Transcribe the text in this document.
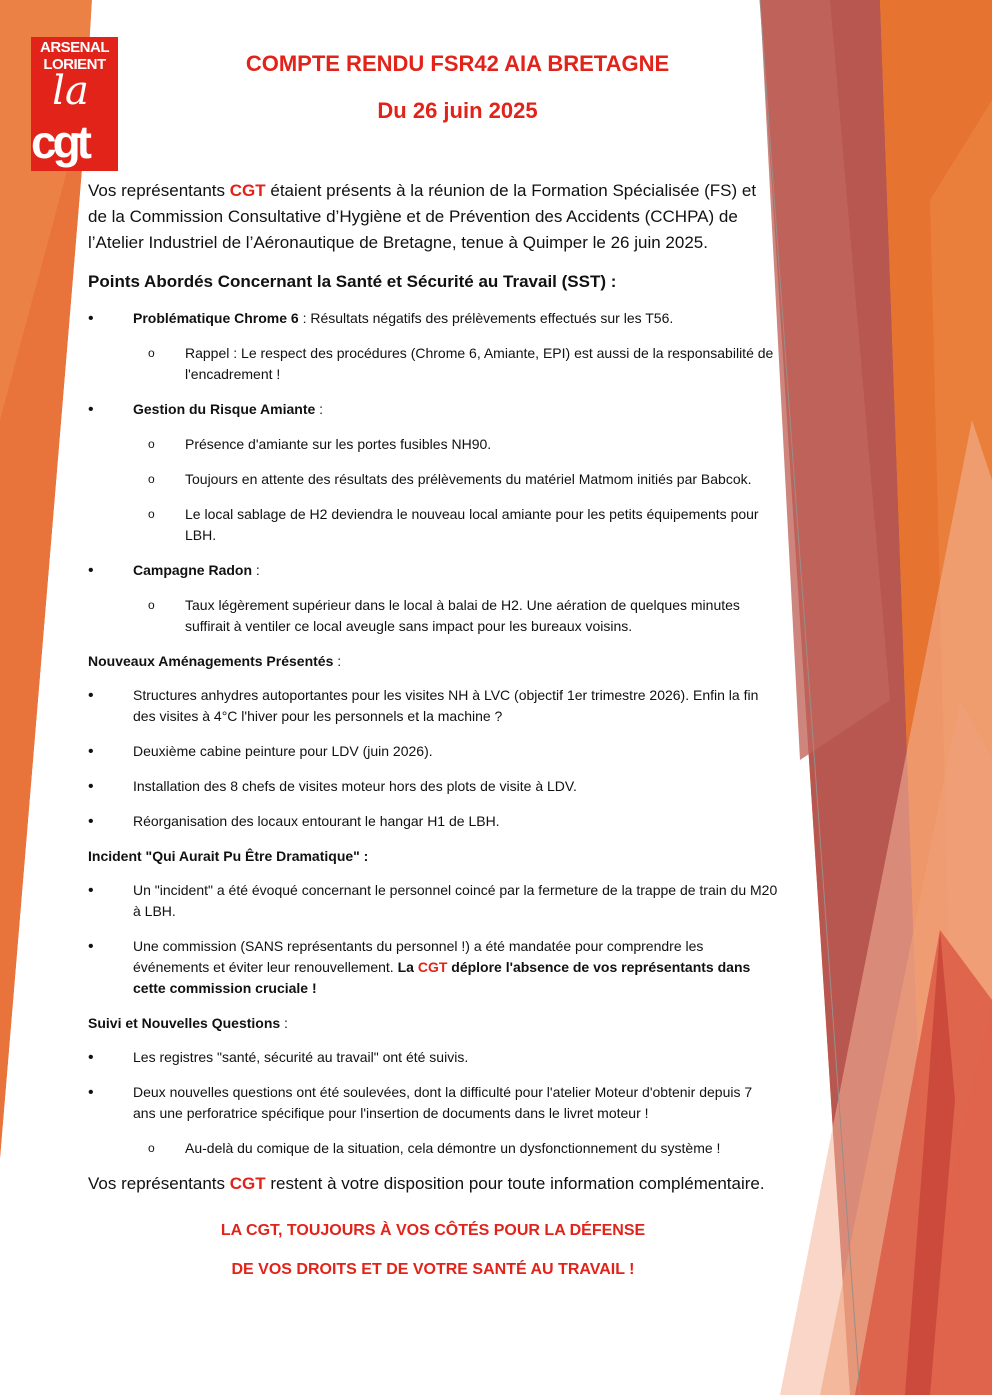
ARSENAL
LORIENT
la
cgt
COMPTE RENDU FSR42 AIA BRETAGNE
Du 26 juin 2025

Vos représentants CGT étaient présents à la réunion de la Formation Spécialisée (FS) et de la Commission Consultative d’Hygiène et de Prévention des Accidents (CCHPA) de l’Atelier Industriel de l’Aéronautique de Bretagne, tenue à Quimper le 26 juin 2025.

Points Abordés Concernant la Santé et Sécurité au Travail (SST) :

• Problématique Chrome 6 : Résultats négatifs des prélèvements effectués sur les T56.
o Rappel : Le respect des procédures (Chrome 6, Amiante, EPI) est aussi de la responsabilité de l'encadrement !
• Gestion du Risque Amiante :
o Présence d'amiante sur les portes fusibles NH90.
o Toujours en attente des résultats des prélèvements du matériel Matmom initiés par Babcok.
o Le local sablage de H2 deviendra le nouveau local amiante pour les petits équipements pour LBH.
• Campagne Radon :
o Taux légèrement supérieur dans le local à balai de H2. Une aération de quelques minutes suffirait à ventiler ce local aveugle sans impact pour les bureaux voisins.

Nouveaux Aménagements Présentés :

• Structures anhydres autoportantes pour les visites NH à LVC (objectif 1er trimestre 2026). Enfin la fin des visites à 4°C l'hiver pour les personnels et la machine ?
• Deuxième cabine peinture pour LDV (juin 2026).
• Installation des 8 chefs de visites moteur hors des plots de visite à LDV.
• Réorganisation des locaux entourant le hangar H1 de LBH.

Incident "Qui Aurait Pu Être Dramatique" :

• Un "incident" a été évoqué concernant le personnel coincé par la fermeture de la trappe de train du M20 à LBH.
• Une commission (SANS représentants du personnel !) a été mandatée pour comprendre les événements et éviter leur renouvellement. La CGT déplore l'absence de vos représentants dans cette commission cruciale !

Suivi et Nouvelles Questions :

• Les registres "santé, sécurité au travail" ont été suivis.
• Deux nouvelles questions ont été soulevées, dont la difficulté pour l'atelier Moteur d'obtenir depuis 7 ans une perforatrice spécifique pour l'insertion de documents dans le livret moteur !
o Au-delà du comique de la situation, cela démontre un dysfonctionnement du système !

Vos représentants CGT restent à votre disposition pour toute information complémentaire.

LA CGT, TOUJOURS À VOS CÔTÉS POUR LA DÉFENSE

DE VOS DROITS ET DE VOTRE SANTÉ AU TRAVAIL !
